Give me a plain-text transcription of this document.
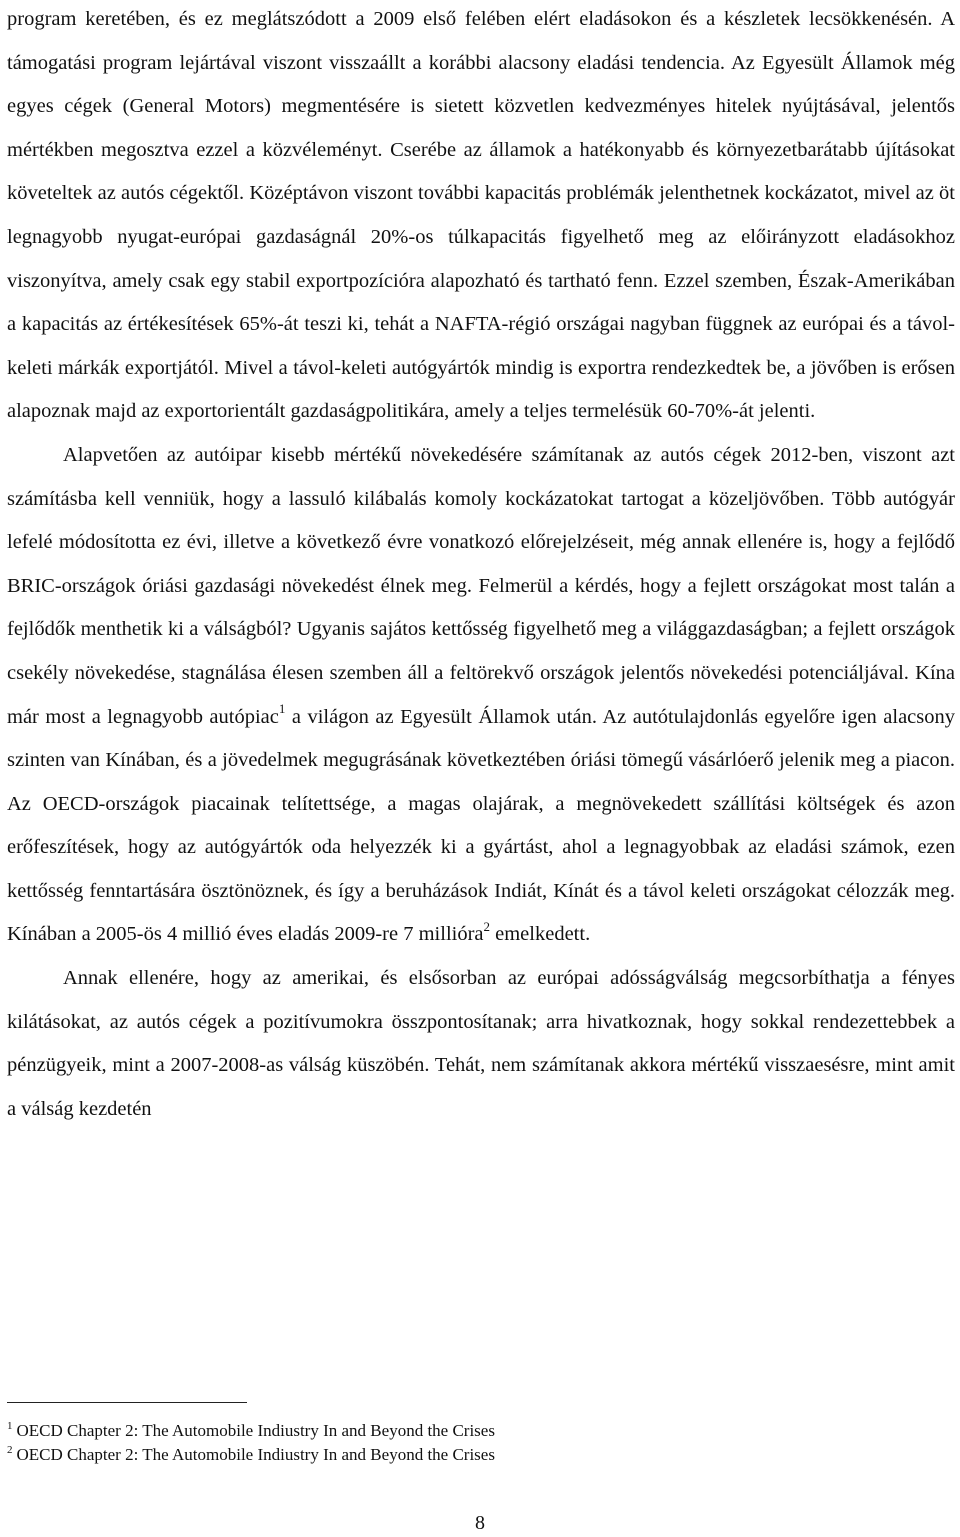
program keretében, és ez meglátszódott a 2009 első felében elért eladásokon és a készletek lecsökkenésén. A támogatási program lejártával viszont visszaállt a korábbi alacsony eladási tendencia. Az Egyesült Államok még egyes cégek (General Motors) megmentésére is sietett közvetlen kedvezményes hitelek nyújtásával, jelentős mértékben megosztva ezzel a közvéleményt. Cserébe az államok a hatékonyabb és környezetbarátabb újításokat követeltek az autós cégektől. Középtávon viszont további kapacitás problémák jelenthetnek kockázatot, mivel az öt legnagyobb nyugat-európai gazdaságnál 20%-os túlkapacitás figyelhető meg az előirányzott eladásokhoz viszonyítva, amely csak egy stabil exportpozícióra alapozható és tartható fenn. Ezzel szemben, Észak-Amerikában a kapacitás az értékesítések 65%-át teszi ki, tehát a NAFTA-régió országai nagyban függnek az európai és a távol-keleti márkák exportjától. Mivel a távol-keleti autógyártók mindig is exportra rendezkedtek be, a jövőben is erősen alapoznak majd az exportorientált gazdaságpolitikára, amely a teljes termelésük 60-70%-át jelenti.

Alapvetően az autóipar kisebb mértékű növekedésére számítanak az autós cégek 2012-ben, viszont azt számításba kell venniük, hogy a lassuló kilábalás komoly kockázatokat tartogat a közeljövőben. Több autógyár lefelé módosította ez évi, illetve a következő évre vonatkozó előrejelzéseit, még annak ellenére is, hogy a fejlődő BRIC-országok óriási gazdasági növekedést élnek meg. Felmerül a kérdés, hogy a fejlett országokat most talán a fejlődők menthetik ki a válságból? Ugyanis sajátos kettősség figyelhető meg a világgazdaságban; a fejlett országok csekély növekedése, stagnálása élesen szemben áll a feltörekvő országok jelentős növekedési potenciáljával. Kína már most a legnagyobb autópiac$^1$ a világon az Egyesült Államok után. Az autótulajdonlás egyelőre igen alacsony szinten van Kínában, és a jövedelmek megugrásának következtében óriási tömegű vásárlóerő jelenik meg a piacon. Az OECD-országok piacainak telítettsége, a magas olajárak, a megnövekedett szállítási költségek és azon erőfeszítések, hogy az autógyártók oda helyezzék ki a gyártást, ahol a legnagyobbak az eladási számok, ezen kettősség fenntartására ösztönöznek, és így a beruházások Indiát, Kínát és a távol keleti országokat célozzák meg. Kínában a 2005-ös 4 millió éves eladás 2009-re 7 millióra$^2$ emelkedett.

Annak ellenére, hogy az amerikai, és elsősorban az európai adósságválság megcsorbíthatja a fényes kilátásokat, az autós cégek a pozitívumokra összpontosítanak; arra hivatkoznak, hogy sokkal rendezettebbek a pénzügyeik, mint a 2007-2008-as válság küszöbén. Tehát, nem számítanak akkora mértékű visszaesésre, mint amit a válság kezdetén

$^1$ OECD Chapter 2: The Automobile Indiustry In and Beyond the Crises
$^2$ OECD Chapter 2: The Automobile Indiustry In and Beyond the Crises
8
